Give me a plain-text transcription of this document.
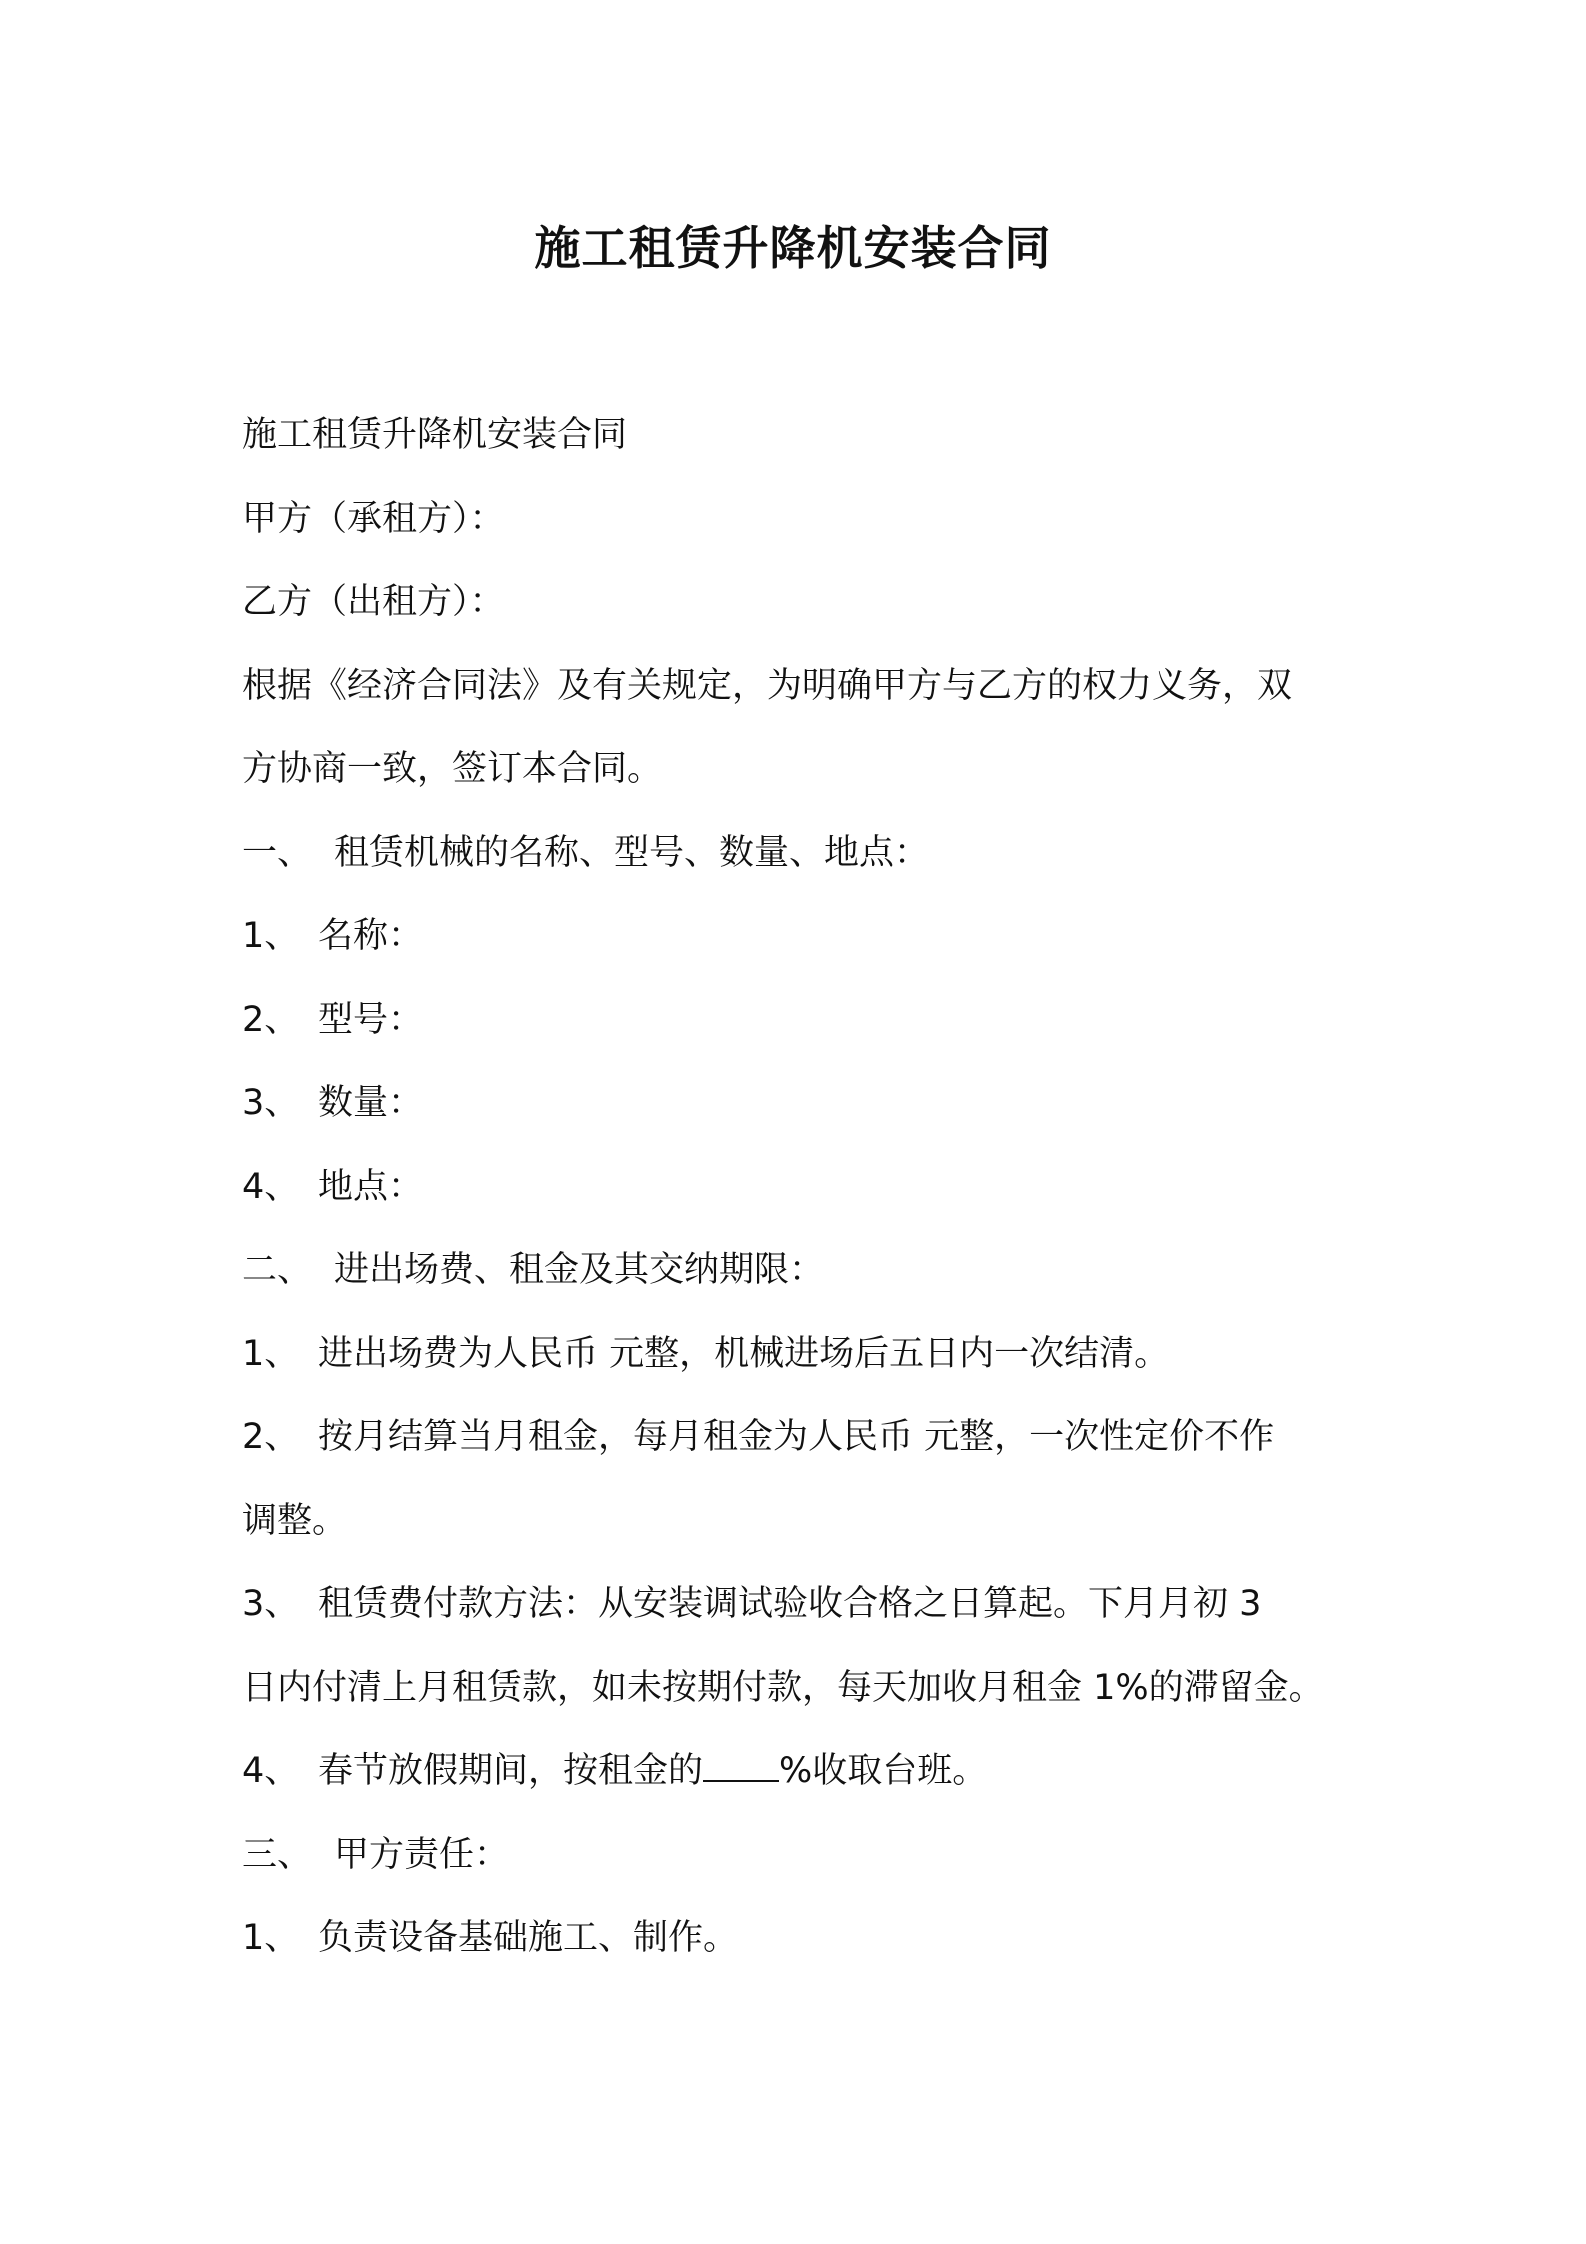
施工租赁升降机安装合同
施工租赁升降机安装合同
甲方（承租方）：
乙方（出租方）：
根据《经济合同法》及有关规定，为明确甲方与乙方的权力义务，双
方协商一致，签订本合同。
一、 租赁机械的名称、型号、数量、地点：
1、 名称：
2、 型号：
3、 数量：
4、 地点：
二、 进出场费、租金及其交纳期限：
1、 进出场费为人民币 元整，机械进场后五日内一次结清。
2、 按月结算当月租金，每月租金为人民币 元整，一次性定价不作
调整。
3、 租赁费付款方法：从安装调试验收合格之日算起。下月月初 3
日内付清上月租赁款，如未按期付款，每天加收月租金 1%的滞留金。
4、 春节放假期间，按租金的 %收取台班。
三、 甲方责任：
1、 负责设备基础施工、制作。
